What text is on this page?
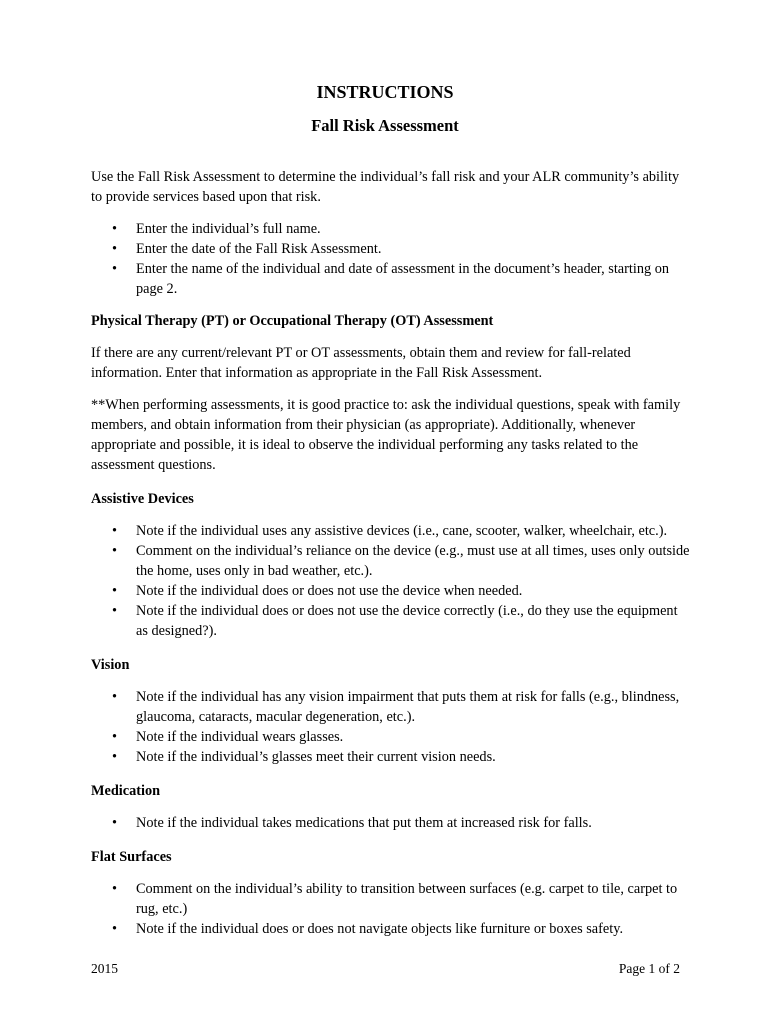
INSTRUCTIONS
Fall Risk Assessment

Use the Fall Risk Assessment to determine the individual’s fall risk and your ALR community’s ability to provide services based upon that risk.

• Enter the individual’s full name.
• Enter the date of the Fall Risk Assessment.
• Enter the name of the individual and date of assessment in the document’s header, starting on page 2.
Physical Therapy (PT) or Occupational Therapy (OT) Assessment

If there are any current/relevant PT or OT assessments, obtain them and review for fall-related information. Enter that information as appropriate in the Fall Risk Assessment.

**When performing assessments, it is good practice to: ask the individual questions, speak with family members, and obtain information from their physician (as appropriate). Additionally, whenever appropriate and possible, it is ideal to observe the individual performing any tasks related to the assessment questions.

Assistive Devices
• Note if the individual uses any assistive devices (i.e., cane, scooter, walker, wheelchair, etc.).
• Comment on the individual’s reliance on the device (e.g., must use at all times, uses only outside the home, uses only in bad weather, etc.).
• Note if the individual does or does not use the device when needed.
• Note if the individual does or does not use the device correctly (i.e., do they use the equipment as designed?).
Vision
• Note if the individual has any vision impairment that puts them at risk for falls (e.g., blindness, glaucoma, cataracts, macular degeneration, etc.).
• Note if the individual wears glasses.
• Note if the individual’s glasses meet their current vision needs.
Medication
• Note if the individual takes medications that put them at increased risk for falls.
Flat Surfaces
• Comment on the individual’s ability to transition between surfaces (e.g. carpet to tile, carpet to rug, etc.)
• Note if the individual does or does not navigate objects like furniture or boxes safety.
2015	Page 1 of 2
